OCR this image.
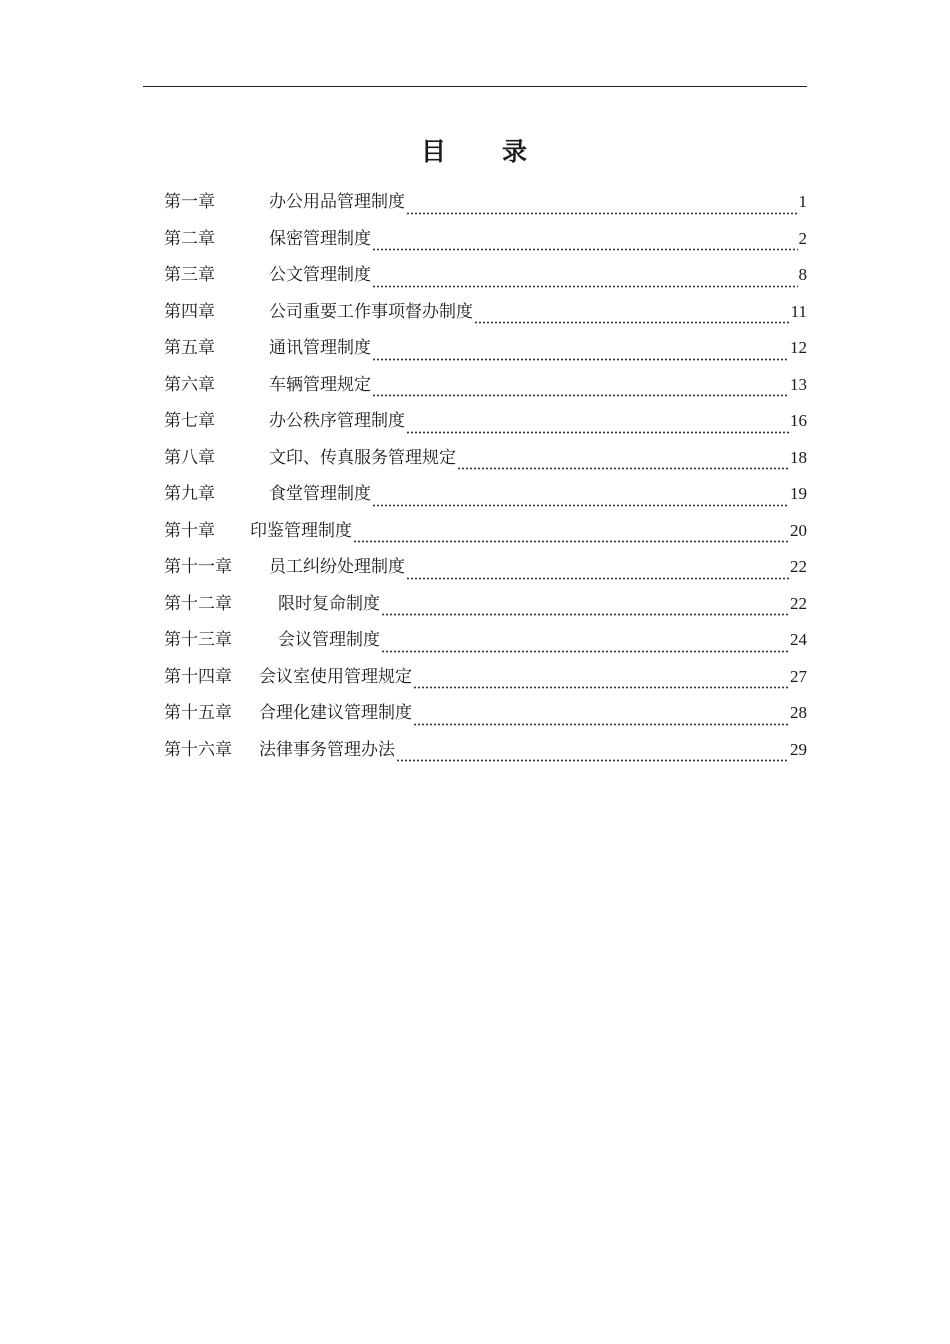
目　　录
第一章	办公用品管理制度	1
第二章	保密管理制度	2
第三章	公文管理制度	8
第四章	公司重要工作事项督办制度	11
第五章	通讯管理制度	12
第六章	车辆管理规定	13
第七章	办公秩序管理制度	16
第八章	文印、传真服务管理规定	18
第九章	食堂管理制度	19
第十章	印鉴管理制度	20
第十一章	员工纠纷处理制度	22
第十二章	限时复命制度	22
第十三章	会议管理制度	24
第十四章	会议室使用管理规定	27
第十五章	合理化建议管理制度	28
第十六章	法律事务管理办法	29
